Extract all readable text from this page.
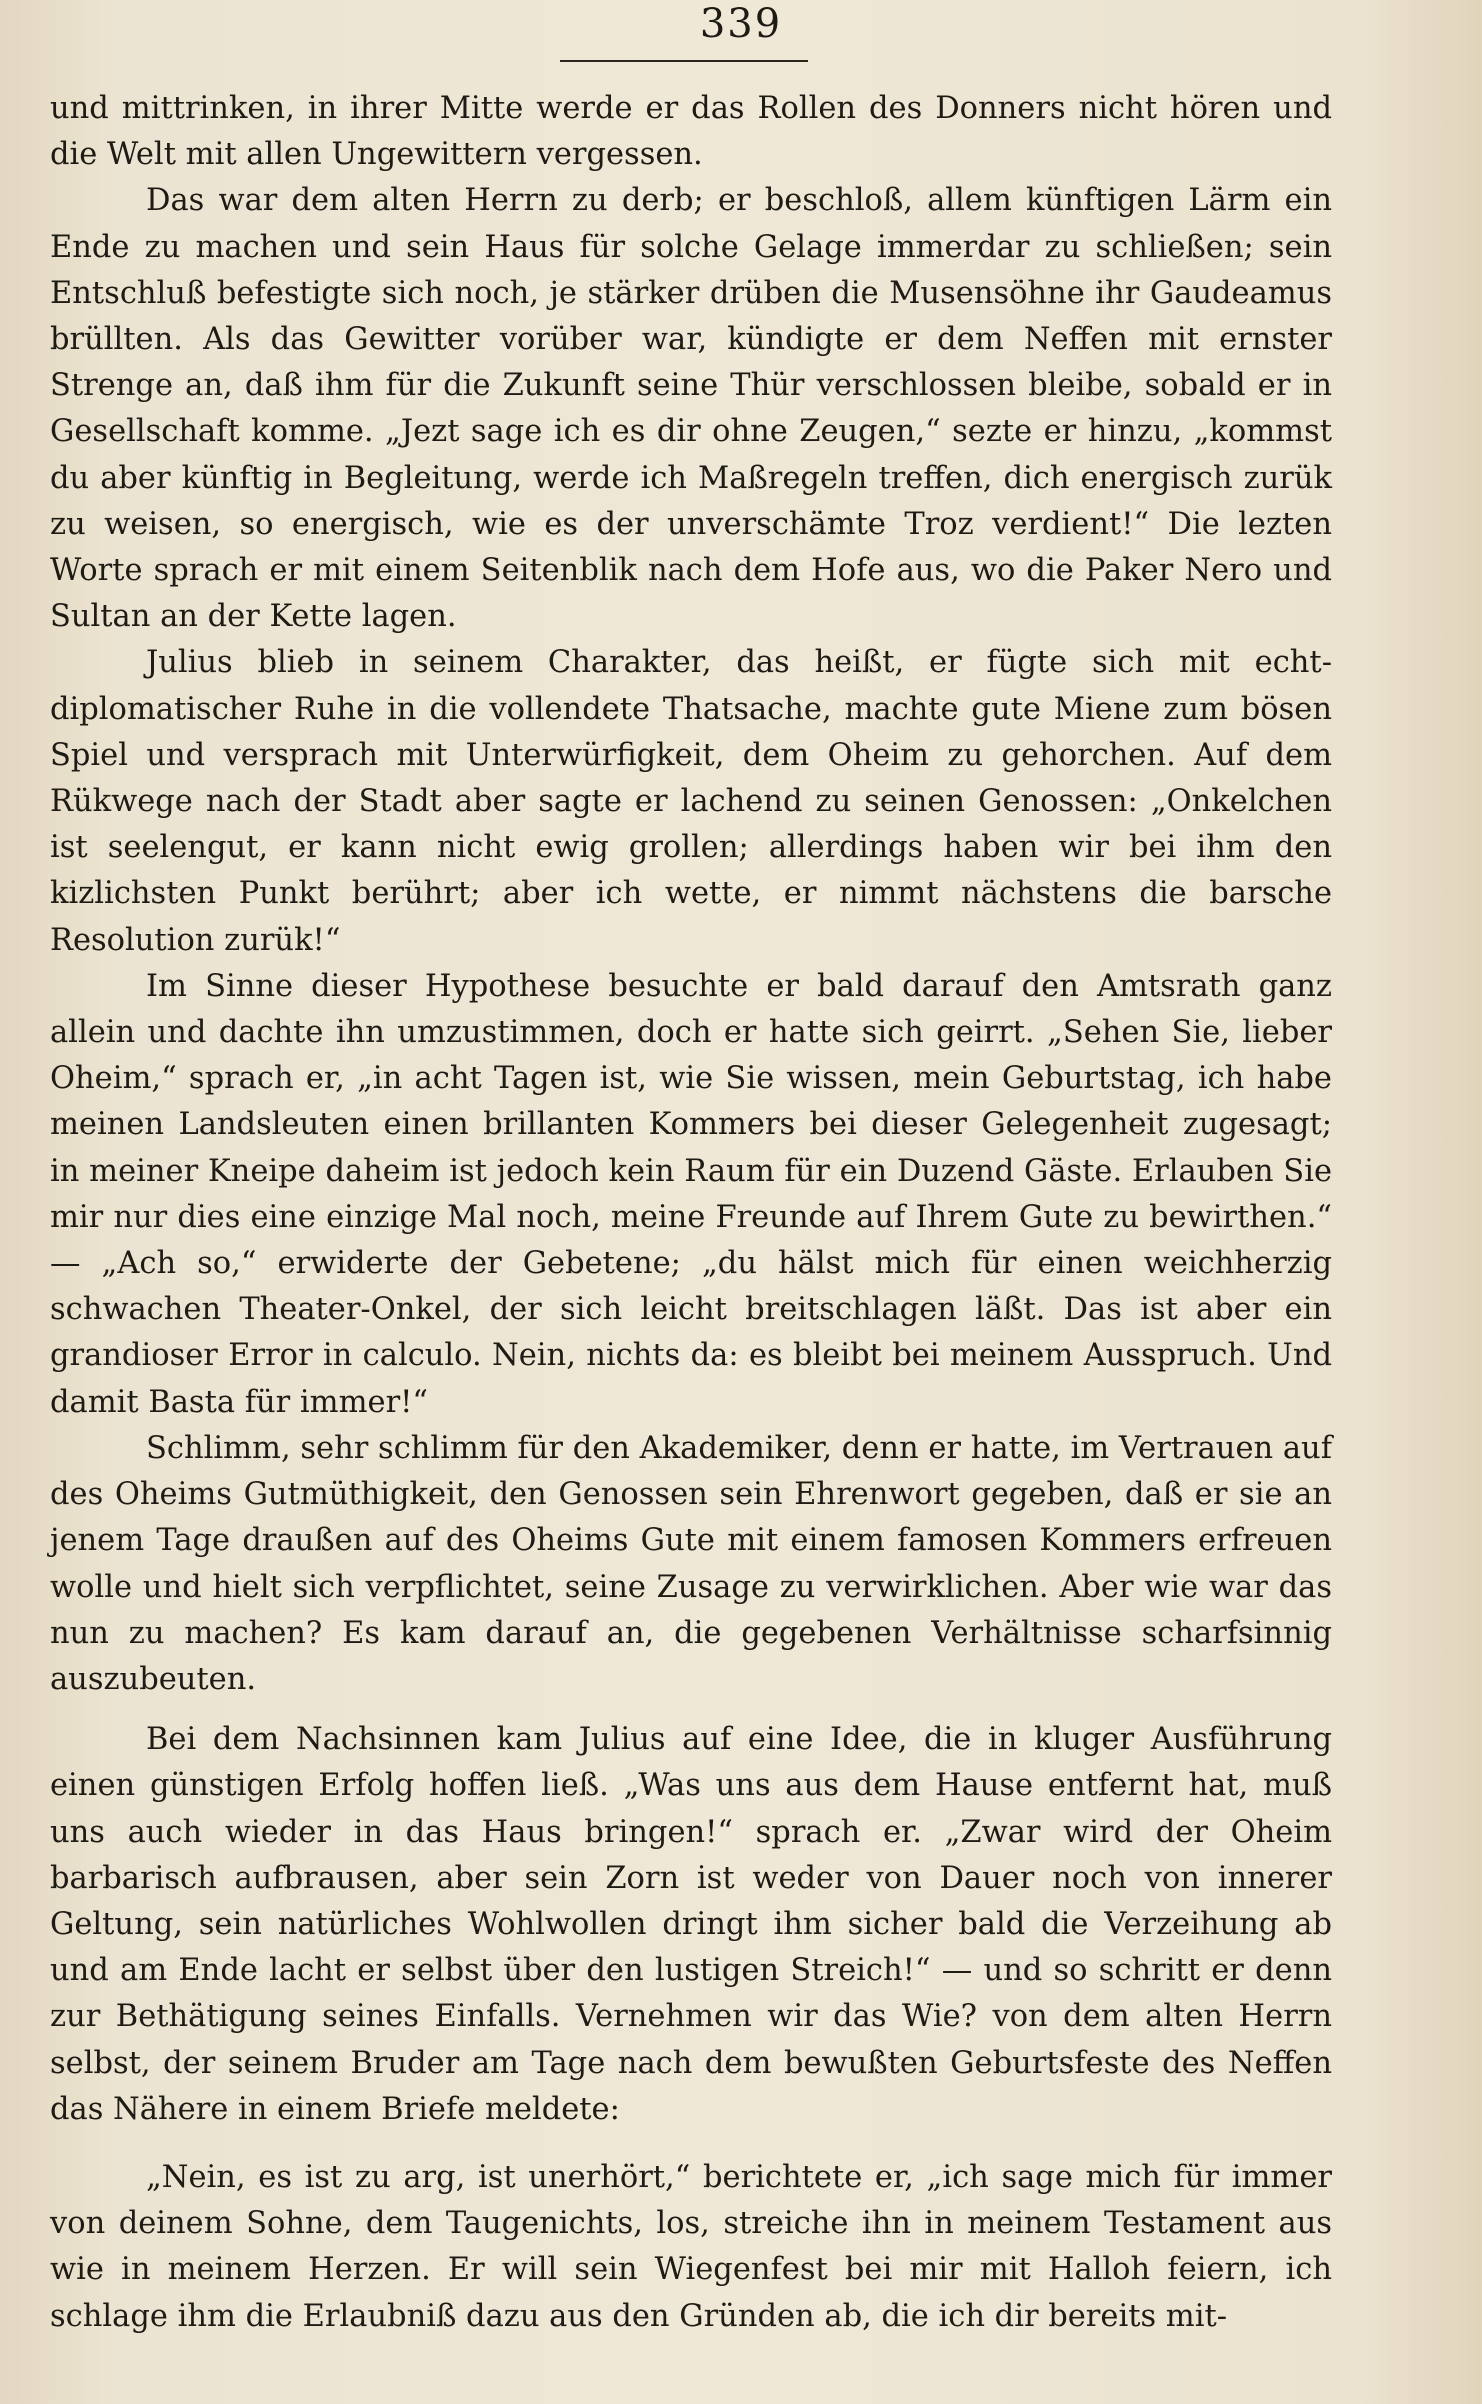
339

und mittrinken, in ihrer Mitte werde er das Rollen des Donners nicht hören und die Welt mit allen Ungewittern vergessen.

Das war dem alten Herrn zu derb; er beschloß, allem künftigen Lärm ein Ende zu machen und sein Haus für solche Gelage immerdar zu schließen; sein Entschluß befestigte sich noch, je stärker drüben die Musensöhne ihr Gaudeamus brüllten. Als das Gewitter vorüber war, kündigte er dem Neffen mit ernster Strenge an, daß ihm für die Zukunft seine Thür verschlossen bleibe, sobald er in Gesellschaft komme. „Jezt sage ich es dir ohne Zeugen,“ sezte er hinzu, „kommst du aber künftig in Begleitung, werde ich Maßregeln treffen, dich energisch zurük zu weisen, so energisch, wie es der unverschämte Troz verdient!“ Die lezten Worte sprach er mit einem Seitenblik nach dem Hofe aus, wo die Paker Nero und Sultan an der Kette lagen.

Julius blieb in seinem Charakter, das heißt, er fügte sich mit echt-diplomatischer Ruhe in die vollendete Thatsache, machte gute Miene zum bösen Spiel und versprach mit Unterwürfigkeit, dem Oheim zu gehorchen. Auf dem Rükwege nach der Stadt aber sagte er lachend zu seinen Genossen: „Onkelchen ist seelengut, er kann nicht ewig grollen; allerdings haben wir bei ihm den kizlichsten Punkt berührt; aber ich wette, er nimmt nächstens die barsche Resolution zurük!“

Im Sinne dieser Hypothese besuchte er bald darauf den Amtsrath ganz allein und dachte ihn umzustimmen, doch er hatte sich geirrt. „Sehen Sie, lieber Oheim,“ sprach er, „in acht Tagen ist, wie Sie wissen, mein Geburtstag, ich habe meinen Landsleuten einen brillanten Kommers bei dieser Gelegenheit zugesagt; in meiner Kneipe daheim ist jedoch kein Raum für ein Duzend Gäste. Erlauben Sie mir nur dies eine einzige Mal noch, meine Freunde auf Ihrem Gute zu bewirthen.“ — „Ach so,“ erwiderte der Gebetene; „du hälst mich für einen weichherzig schwachen Theater-Onkel, der sich leicht breitschlagen läßt. Das ist aber ein grandioser Error in calculo. Nein, nichts da: es bleibt bei meinem Ausspruch. Und damit Basta für immer!“

Schlimm, sehr schlimm für den Akademiker, denn er hatte, im Vertrauen auf des Oheims Gutmüthigkeit, den Genossen sein Ehrenwort gegeben, daß er sie an jenem Tage draußen auf des Oheims Gute mit einem famosen Kommers erfreuen wolle und hielt sich verpflichtet, seine Zusage zu verwirklichen. Aber wie war das nun zu machen? Es kam darauf an, die gegebenen Verhältnisse scharfsinnig auszubeuten.

Bei dem Nachsinnen kam Julius auf eine Idee, die in kluger Ausführung einen günstigen Erfolg hoffen ließ. „Was uns aus dem Hause entfernt hat, muß uns auch wieder in das Haus bringen!“ sprach er. „Zwar wird der Oheim barbarisch aufbrausen, aber sein Zorn ist weder von Dauer noch von innerer Geltung, sein natürliches Wohlwollen dringt ihm sicher bald die Verzeihung ab und am Ende lacht er selbst über den lustigen Streich!“ — und so schritt er denn zur Bethätigung seines Einfalls. Vernehmen wir das Wie? von dem alten Herrn selbst, der seinem Bruder am Tage nach dem bewußten Geburtsfeste des Neffen das Nähere in einem Briefe meldete:

„Nein, es ist zu arg, ist unerhört,“ berichtete er, „ich sage mich für immer von deinem Sohne, dem Taugenichts, los, streiche ihn in meinem Testament aus wie in meinem Herzen. Er will sein Wiegenfest bei mir mit Halloh feiern, ich schlage ihm die Erlaubniß dazu aus den Gründen ab, die ich dir bereits mit-
